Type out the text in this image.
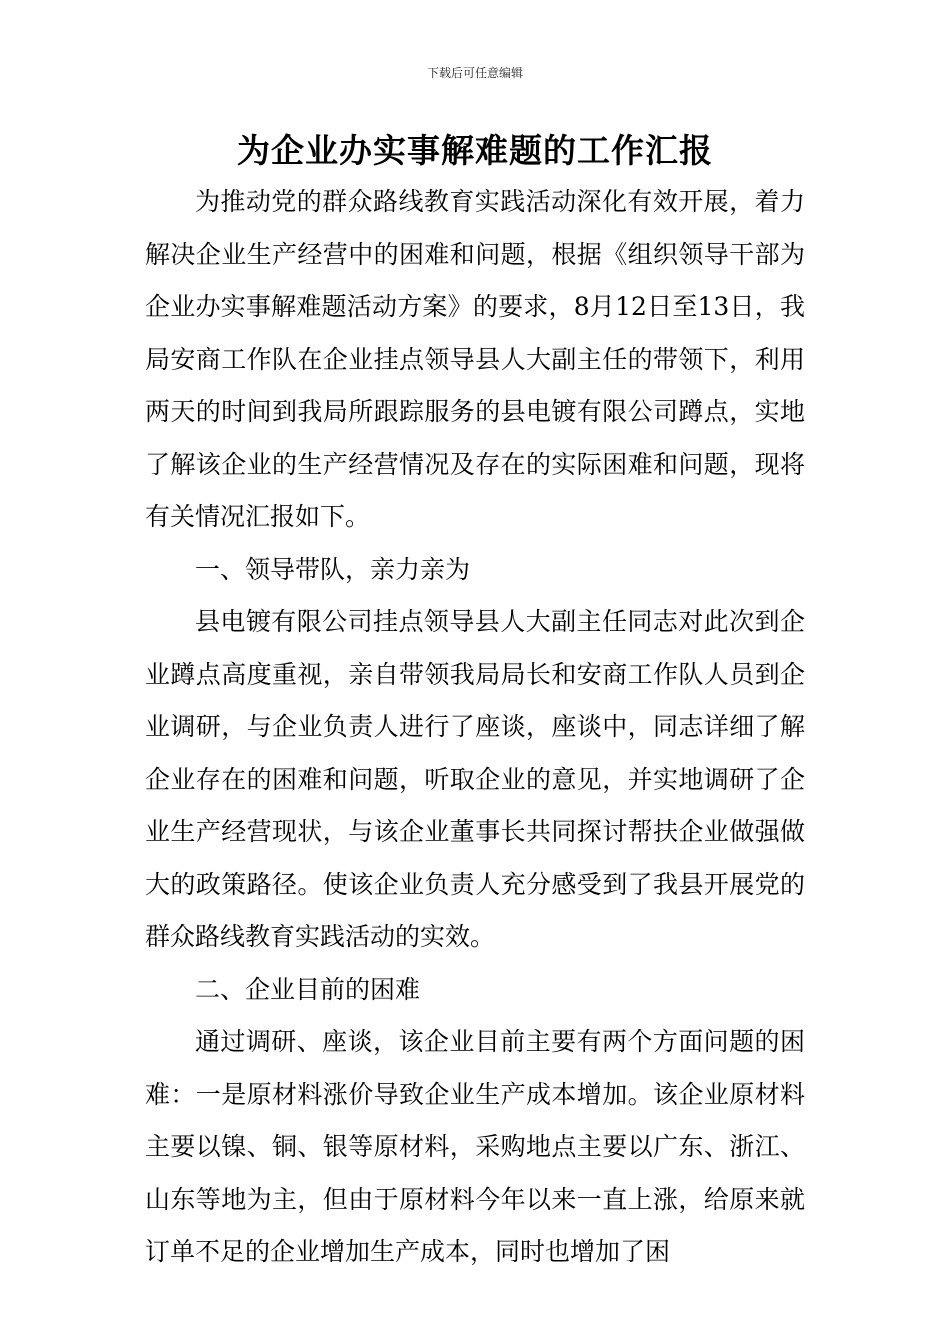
下载后可任意编辑
为企业办实事解难题的工作汇报

为推动党的群众路线教育实践活动深化有效开展，着力解决企业生产经营中的困难和问题，根据《组织领导干部为企业办实事解难题活动方案》的要求，8月12日至13日，我局安商工作队在企业挂点领导县人大副主任的带领下，利用两天的时间到我局所跟踪服务的县电镀有限公司蹲点，实地了解该企业的生产经营情况及存在的实际困难和问题，现将有关情况汇报如下。

一、领导带队，亲力亲为

县电镀有限公司挂点领导县人大副主任同志对此次到企业蹲点高度重视，亲自带领我局局长和安商工作队人员到企业调研，与企业负责人进行了座谈，座谈中，同志详细了解企业存在的困难和问题，听取企业的意见，并实地调研了企业生产经营现状，与该企业董事长共同探讨帮扶企业做强做大的政策路径。使该企业负责人充分感受到了我县开展党的群众路线教育实践活动的实效。

二、企业目前的困难

通过调研、座谈，该企业目前主要有两个方面问题的困难：一是原材料涨价导致企业生产成本增加。该企业原材料主要以镍、铜、银等原材料，采购地点主要以广东、浙江、山东等地为主，但由于原材料今年以来一直上涨，给原来就订单不足的企业增加生产成本，同时也增加了困
